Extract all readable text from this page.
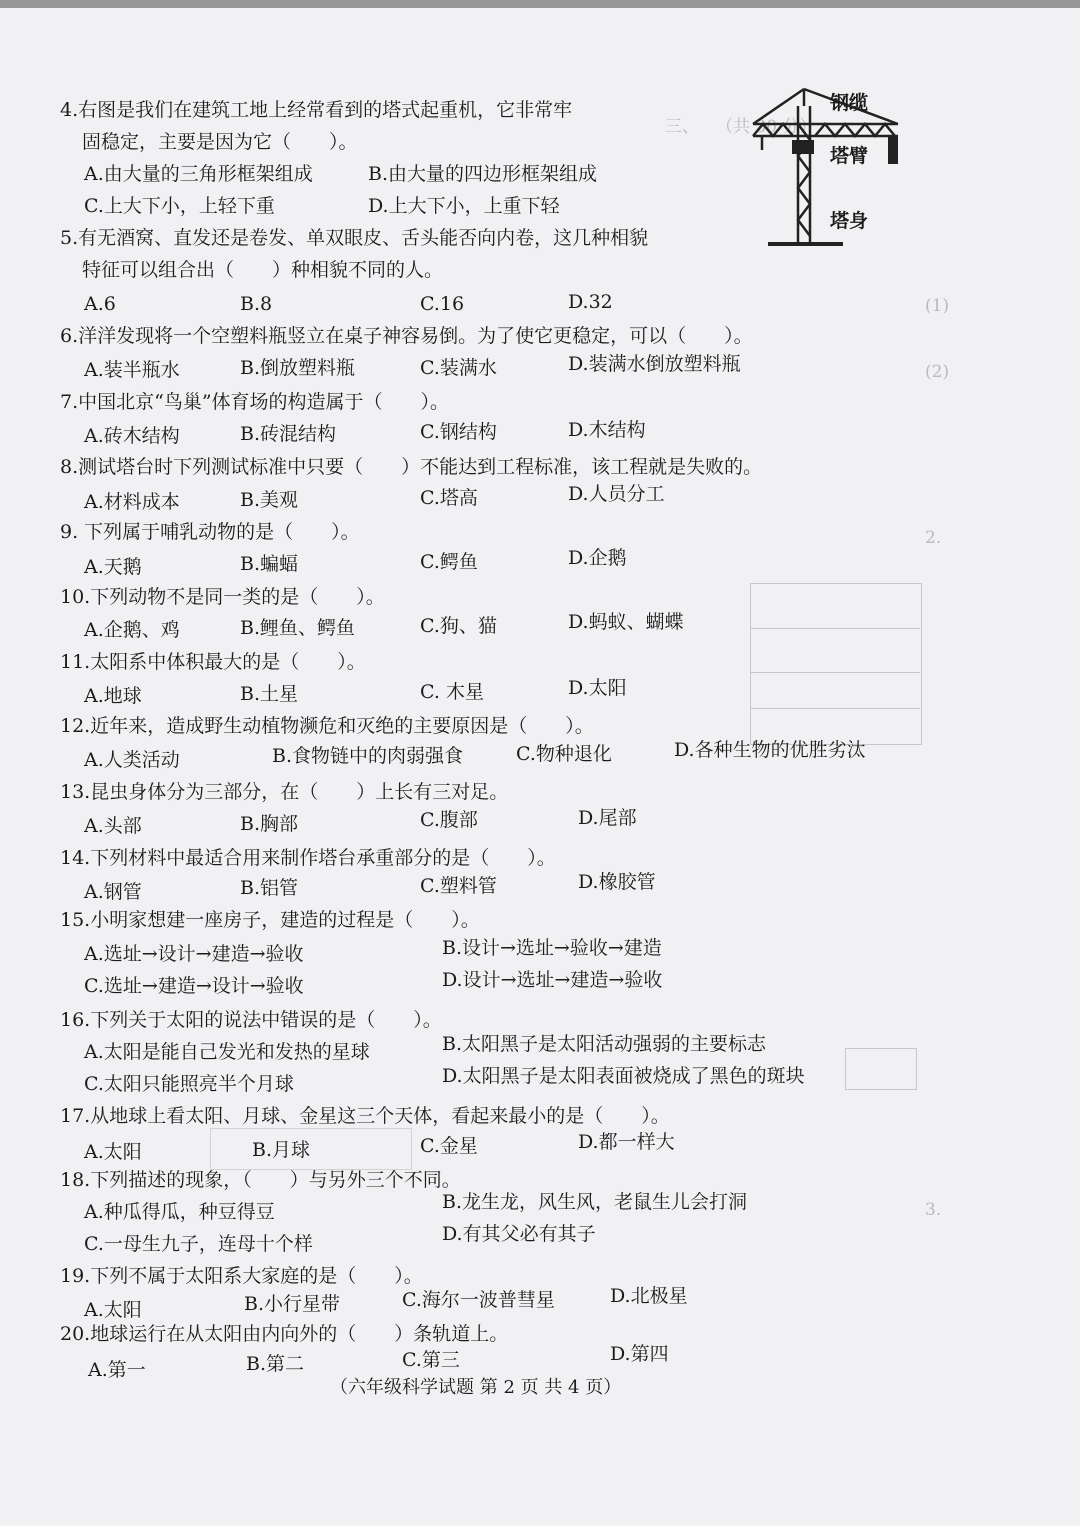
三、　　（共 30 分）
(1)
(2)
2.
3.
钢缆
塔臂
塔身
4.右图是我们在建筑工地上经常看到的塔式起重机，它非常牢
固稳定，主要是因为它（　　）。
A.由大量的三角形框架组成	B.由大量的四边形框架组成
C.上大下小，上轻下重	D.上大下小，上重下轻
5.有无酒窝、直发还是卷发、单双眼皮、舌头能否向内卷，这几种相貌
特征可以组合出（　　）种相貌不同的人。
A.6	B.8	C.16	D.32
6.洋洋发现将一个空塑料瓶竖立在桌子神容易倒。为了使它更稳定，可以（　　）。
A.装半瓶水	B.倒放塑料瓶	C.装满水	D.装满水倒放塑料瓶
7.中国北京“鸟巢”体育场的构造属于（　　）。
A.砖木结构	B.砖混结构	C.钢结构	D.木结构
8.测试塔台时下列测试标准中只要（　　）不能达到工程标准，该工程就是失败的。
A.材料成本	B.美观	C.塔高	D.人员分工
9. 下列属于哺乳动物的是（　　）。
A.天鹅	B.蝙蝠	C.鳄鱼	D.企鹅
10.下列动物不是同一类的是（　　）。
A.企鹅、鸡	B.鲤鱼、鳄鱼	C.狗、猫	D.蚂蚁、蝴蝶
11.太阳系中体积最大的是（　　）。
A.地球	B.土星	C. 木星	D.太阳
12.近年来，造成野生动植物濒危和灭绝的主要原因是（　　）。
A.人类活动	B.食物链中的肉弱强食	C.物种退化	D.各种生物的优胜劣汰
13.昆虫身体分为三部分，在（　　）上长有三对足。
A.头部	B.胸部	C.腹部	D.尾部
14.下列材料中最适合用来制作塔台承重部分的是（　　）。
A.钢管	B.铝管	C.塑料管	D.橡胶管
15.小明家想建一座房子，建造的过程是（　　）。
A.选址→设计→建造→验收	B.设计→选址→验收→建造
C.选址→建造→设计→验收	D.设计→选址→建造→验收
16.下列关于太阳的说法中错误的是（　　）。
A.太阳是能自己发光和发热的星球	B.太阳黑子是太阳活动强弱的主要标志
C.太阳只能照亮半个月球	D.太阳黑子是太阳表面被烧成了黑色的斑块
17.从地球上看太阳、月球、金星这三个天体，看起来最小的是（　　）。
A.太阳	B.月球	C.金星	D.都一样大
18.下列描述的现象，（　　）与另外三个不同。
A.种瓜得瓜，种豆得豆	B.龙生龙，风生风，老鼠生儿会打洞
C.一母生九子，连母十个样	D.有其父必有其子
19.下列不属于太阳系大家庭的是（　　）。
A.太阳	B.小行星带	C.海尔一波普彗星	D.北极星
20.地球运行在从太阳由内向外的（　　）条轨道上。
A.第一	B.第二	C.第三	D.第四
（六年级科学试题 第 2 页 共 4 页）
